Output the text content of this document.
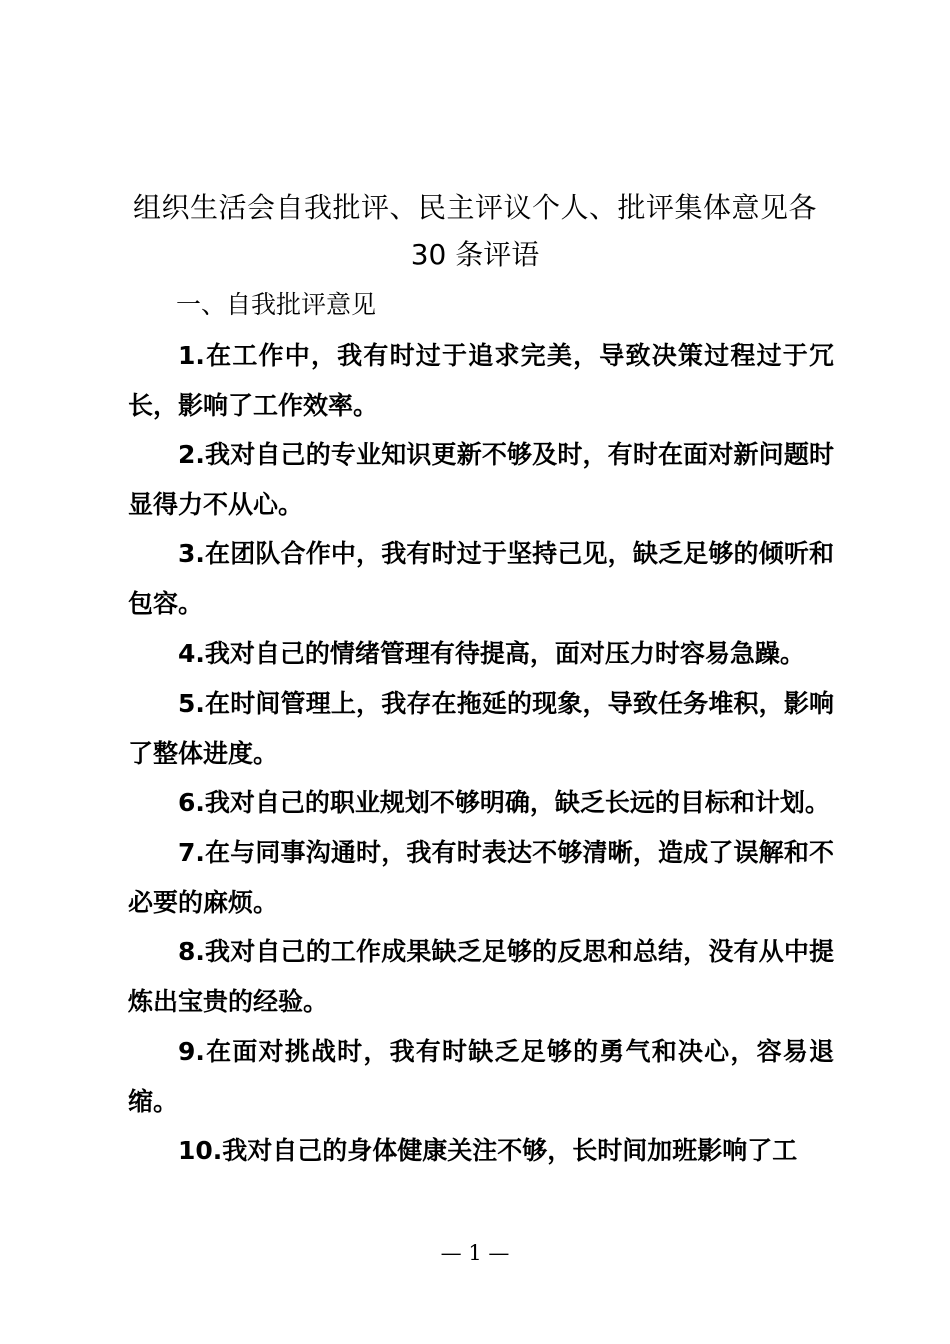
组织生活会自我批评、民主评议个人、批评集体意见各
30 条评语

一、自我批评意见

1.在工作中，我有时过于追求完美，导致决策过程过于冗长，影响了工作效率。

2.我对自己的专业知识更新不够及时，有时在面对新问题时显得力不从心。

3.在团队合作中，我有时过于坚持己见，缺乏足够的倾听和包容。

4.我对自己的情绪管理有待提高，面对压力时容易急躁。

5.在时间管理上，我存在拖延的现象，导致任务堆积，影响了整体进度。

6.我对自己的职业规划不够明确，缺乏长远的目标和计划。

7.在与同事沟通时，我有时表达不够清晰，造成了误解和不必要的麻烦。

8.我对自己的工作成果缺乏足够的反思和总结，没有从中提炼出宝贵的经验。

9.在面对挑战时，我有时缺乏足够的勇气和决心，容易退缩。

10.我对自己的身体健康关注不够，长时间加班影响了工

— 1 —
